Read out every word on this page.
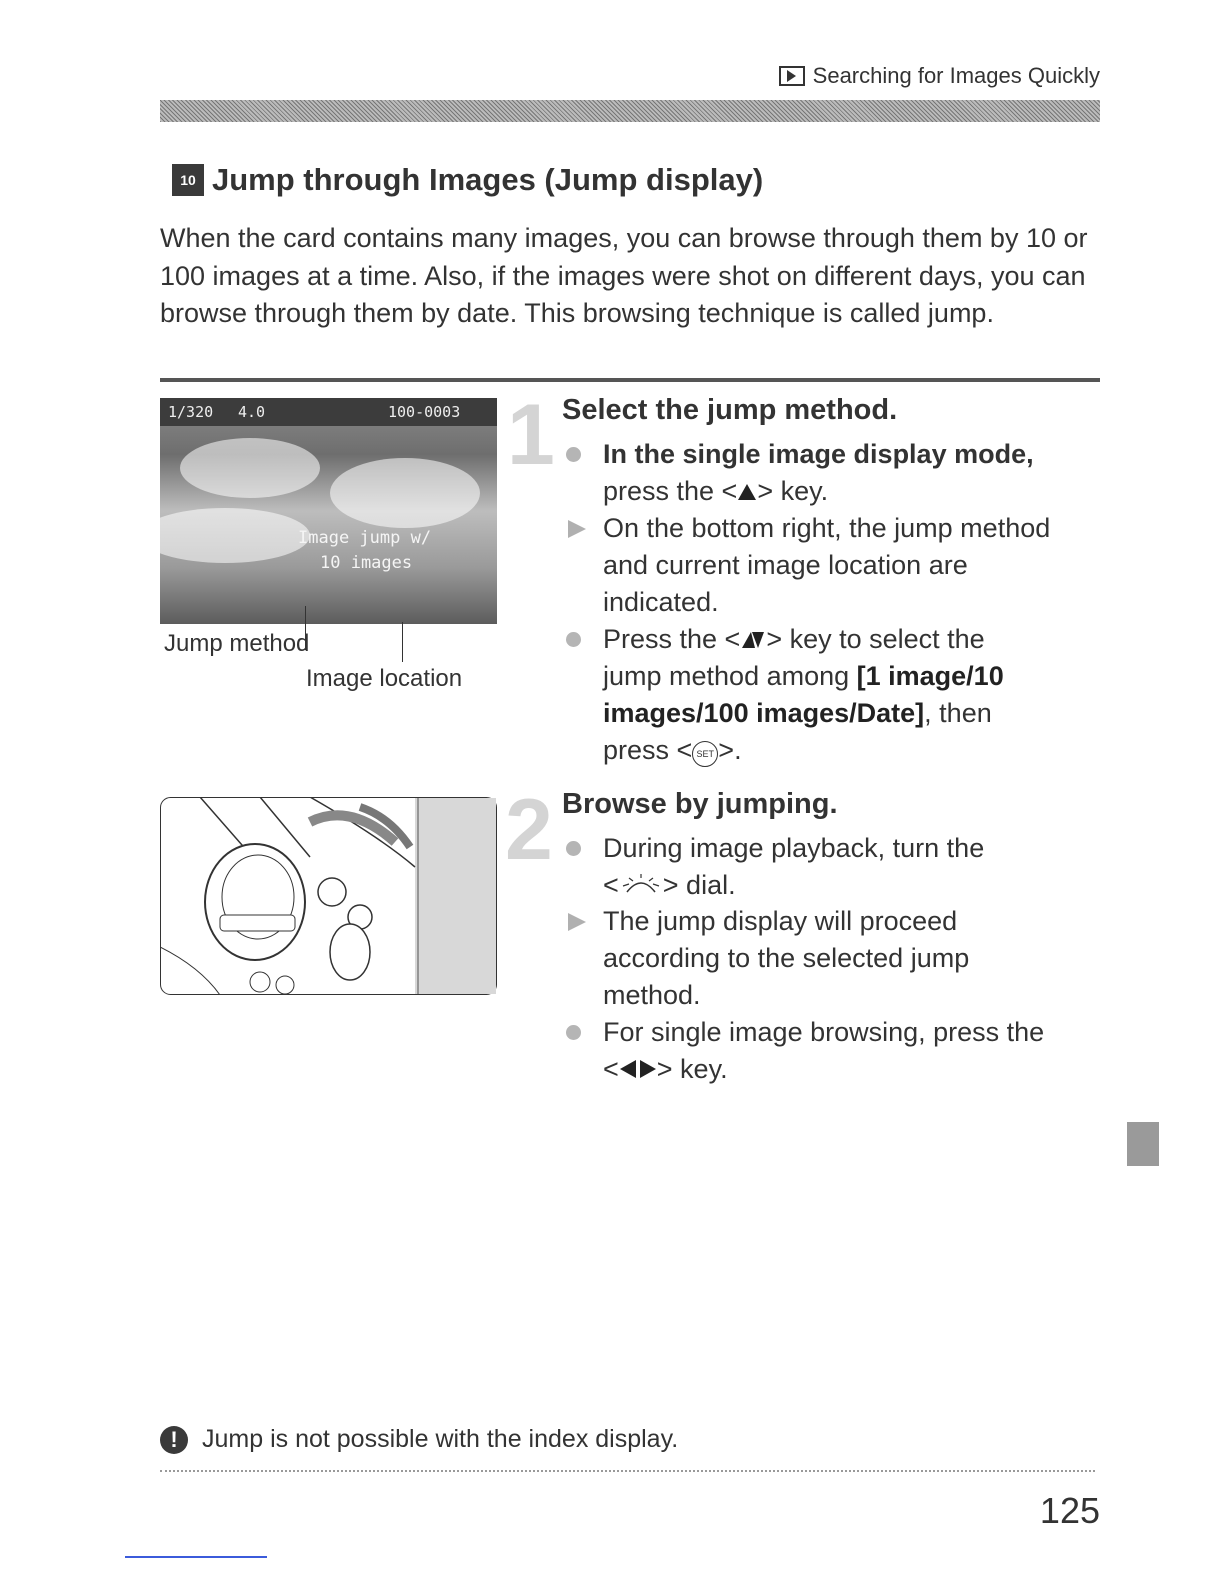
Searching for Images Quickly
10 Jump through Images (Jump display)
When the card contains many images, you can browse through them by 10 or 100 images at a time. Also, if the images were shot on different days, you can browse through them by date. This browsing technique is called jump.
1/320 4.0	100-0003
Image jump w/
10 images
Jump method
Image location
1 Select the jump method.
In the single image display mode,
press the < > key.
On the bottom right, the jump method
and current image location are
indicated.
Press the < > key to select the
jump method among [1 image/10
images/100 images/Date], then
press < SET >.
2 Browse by jumping.
During image playback, turn the
< > dial.
The jump display will proceed
according to the selected jump
method.
For single image browsing, press the
< > key.
! Jump is not possible with the index display.
125
